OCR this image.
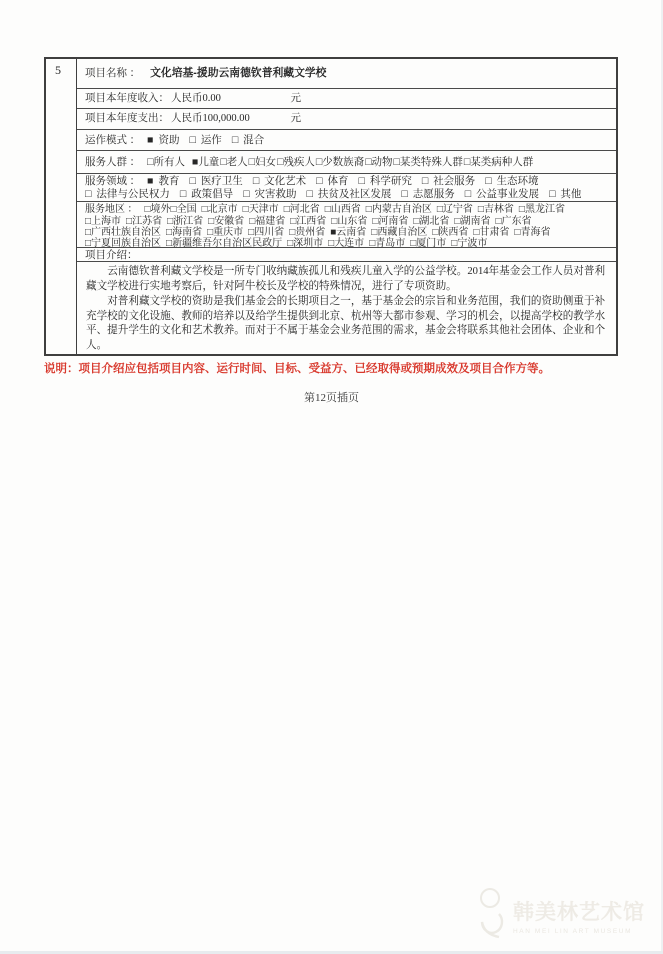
5	项目名称 ： 文化培基-援助云南德钦普利藏文学校
项目本年度收入： 人民币 0.00	元
项目本年度支出： 人民币 100,000.00	元
运作模式 ： ■ 资助 □ 运作 □ 混合
服务人群 ： □所有人 ■儿童□老人□妇女□残疾人□少数族裔□动物□某类特殊人群□某类病种人群
服务领域 ： ■ 教育 □ 医疗卫生 □ 文化艺术 □ 体育 □ 科学研究 □ 社会服务 □ 生态环境□ 法律与公民权力 □ 政策倡导 □ 灾害救助 □ 扶贫及社区发展 □ 志愿服务 □ 公益事业发展 □ 其他
服务地区 ： □境外□全国 □北京市 □天津市 □河北省 □山西省 □内蒙古自治区 □辽宁省 □吉林省 □黑龙江省□上海市 □江苏省 □浙江省 □安徽省 □福建省 □江西省 □山东省 □河南省 □湖北省 □湖南省 □广东省□广西壮族自治区 □海南省 □重庆市 □四川省 □贵州省 ■云南省 □西藏自治区 □陕西省 □甘肃省 □青海省□宁夏回族自治区 □新疆维吾尔自治区民政厅 □深圳市 □大连市 □青岛市 □厦门市 □宁波市
项目介绍：

云南德钦普利藏文学校是一所专门收纳藏族孤儿和残疾儿童入学的公益学校。2014年基金会工作人员对普利藏文学校进行实地考察后，针对阿牛校长及学校的特殊情况，进行了专项资助。

对普利藏文学校的资助是我们基金会的长期项目之一，基于基金会的宗旨和业务范围，我们的资助侧重于补充学校的文化设施、教师的培养以及给学生提供到北京、杭州等大都市参观、学习的机会，以提高学校的教学水平、提升学生的文化和艺术教养。而对于不属于基金会业务范围的需求，基金会将联系其他社会团体、企业和个人。

说明：项目介绍应包括项目内容、运行时间、目标、受益方、已经取得或预期成效及项目合作方等。
第12页插页
韩美林艺术馆
HAN MEI LIN ART MUSEUM
